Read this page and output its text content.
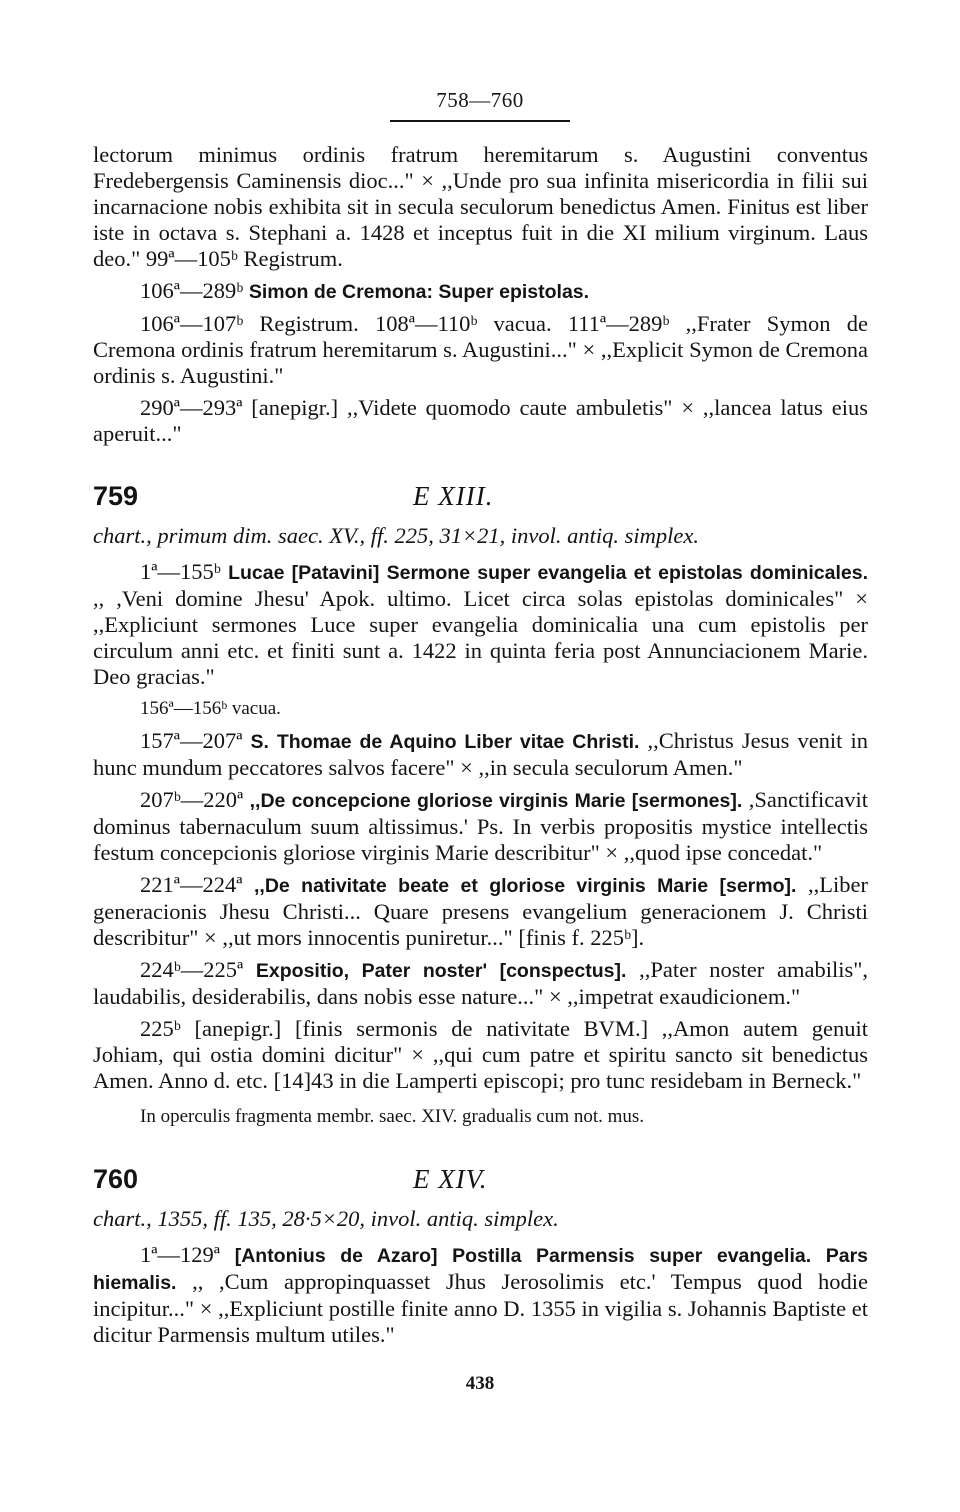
758—760

lectorum minimus ordinis fratrum heremitarum s. Augustini conventus Fredebergensis Caminensis dioc..." × ,,Unde pro sua infinita misericordia in filii sui incarnacione nobis exhibita sit in secula seculorum benedictus Amen. Finitus est liber iste in octava s. Stephani a. 1428 et inceptus fuit in die XI milium virginum. Laus deo." 99ª—105ᵇ Registrum.

106ª—289ᵇ Simon de Cremona: Super epistolas.

106ª—107ᵇ Registrum. 108ª—110ᵇ vacua. 111ª—289ᵇ ,,Frater Symon de Cremona ordinis fratrum heremitarum s. Augustini..." × ,,Explicit Symon de Cremona ordinis s. Augustini."

290ª—293ª [anepigr.] ,,Videte quomodo caute ambuletis" × ,,lancea latus eius aperuit..."

759	E XIII.

chart., primum dim. saec. XV., ff. 225, 31×21, invol. antiq. simplex.

1ª—155ᵇ Lucae [Patavini] Sermone super evangelia et epistolas dominicales. ,, ,Veni domine Jhesu' Apok. ultimo. Licet circa solas epistolas dominicales" × ,,Expliciunt sermones Luce super evangelia dominicalia una cum epistolis per circulum anni etc. et finiti sunt a. 1422 in quinta feria post Annunciacionem Marie. Deo gracias."

156ª—156ᵇ vacua.

157ª—207ª S. Thomae de Aquino Liber vitae Christi. ,,Christus Jesus venit in hunc mundum peccatores salvos facere" × ,,in secula seculorum Amen."

207ᵇ—220ª ,,De concepcione gloriose virginis Marie [sermones]. ,Sanctificavit dominus tabernaculum suum altissimus.' Ps. In verbis propositis mystice intellectis festum concepcionis gloriose virginis Marie describitur" × ,,quod ipse concedat."

221ª—224ª ,,De nativitate beate et gloriose virginis Marie [sermo]. ,,Liber generacionis Jhesu Christi... Quare presens evangelium generacionem J. Christi describitur" × ,,ut mors innocentis puniretur..." [finis f. 225ᵇ].

224ᵇ—225ª Expositio, Pater noster' [conspectus]. ,,Pater noster amabilis", laudabilis, desiderabilis, dans nobis esse nature..." × ,,impetrat exaudicionem."

225ᵇ [anepigr.] [finis sermonis de nativitate BVM.] ,,Amon autem genuit Johiam, qui ostia domini dicitur" × ,,qui cum patre et spiritu sancto sit benedictus Amen. Anno d. etc. [14]43 in die Lamperti episcopi; pro tunc residebam in Berneck."

In operculis fragmenta membr. saec. XIV. gradualis cum not. mus.

760	E XIV.

chart., 1355, ff. 135, 28·5×20, invol. antiq. simplex.

1ª—129ª [Antonius de Azaro] Postilla Parmensis super evangelia. Pars hiemalis. ,, ,Cum appropinquasset Jhus Jerosolimis etc.' Tempus quod hodie incipitur..." × ,,Expliciunt postille finite anno D. 1355 in vigilia s. Johannis Baptiste et dicitur Parmensis multum utiles."

438
